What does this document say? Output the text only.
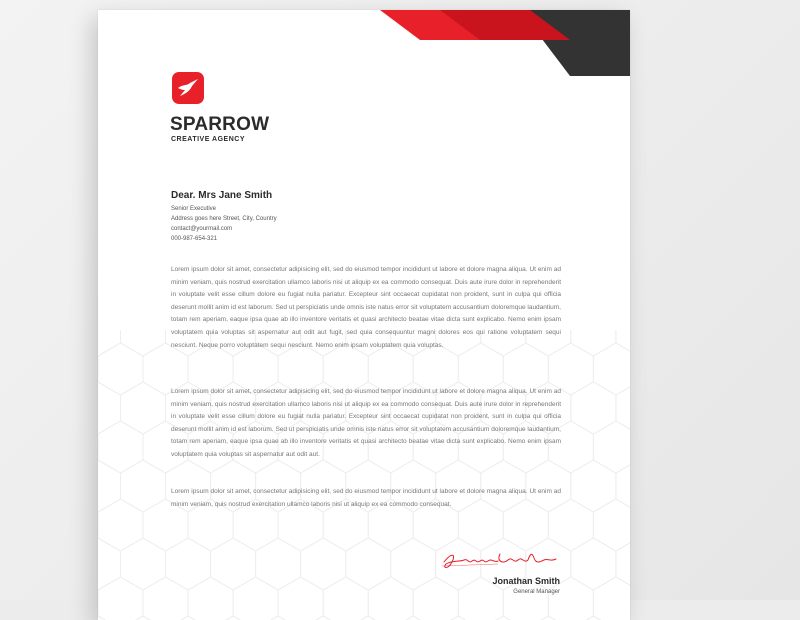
SPARROW
CREATIVE AGENCY
Dear. Mrs Jane Smith
Senior Executive
Address goes here Street, City, Country
contact@yourmail.com
000-987-654-321
Lorem ipsum dolor sit amet, consectetur adipisicing elit, sed do eiusmod tempor incididunt ut labore et dolore magna aliqua. Ut enim ad minim veniam, quis nostrud exercitation ullamco laboris nisi ut aliquip ex ea commodo consequat. Duis aute irure dolor in reprehenderit in voluptate velit esse cillum dolore eu fugiat nulla pariatur. Excepteur sint occaecat cupidatat non proident, sunt in culpa qui officia deserunt mollit anim id est laborum. Sed ut perspiciatis unde omnis iste natus error sit voluptatem accusantium doloremque laudantium, totam rem aperiam, eaque ipsa quae ab illo inventore veritatis et quasi architecto beatae vitae dicta sunt explicabo. Nemo enim ipsam voluptatem quia voluptas sit aspernatur aut odit aut fugit, sed quia consequuntur magni dolores eos qui ratione voluptatem sequi nesciunt. Neque porro voluptatem sequi nesciunt. Nemo enim ipsam voluptatem quia voluptas.
Lorem ipsum dolor sit amet, consectetur adipisicing elit, sed do eiusmod tempor incididunt ut labore et dolore magna aliqua. Ut enim ad minim veniam, quis nostrud exercitation ullamco laboris nisi ut aliquip ex ea commodo consequat. Duis aute irure dolor in reprehenderit in voluptate velit esse cillum dolore eu fugiat nulla pariatur. Excepteur sint occaecat cupidatat non proident, sunt in culpa qui officia deserunt mollit anim id est laborum. Sed ut perspiciatis unde omnis iste natus error sit voluptatem accusantium doloremque laudantium, totam rem aperiam, eaque ipsa quae ab illo inventore veritatis et quasi architecto beatae vitae dicta sunt explicabo. Nemo enim ipsam voluptatem quia voluptas sit aspernatur aut odit aut.
Lorem ipsum dolor sit amet, consectetur adipisicing elit, sed do eiusmod tempor incididunt ut labore et dolore magna aliqua. Ut enim ad minim veniam, quis nostrud exercitation ullamco laboris nisi ut aliquip ex ea commodo consequat.
Jonathan Smith
General Manager
